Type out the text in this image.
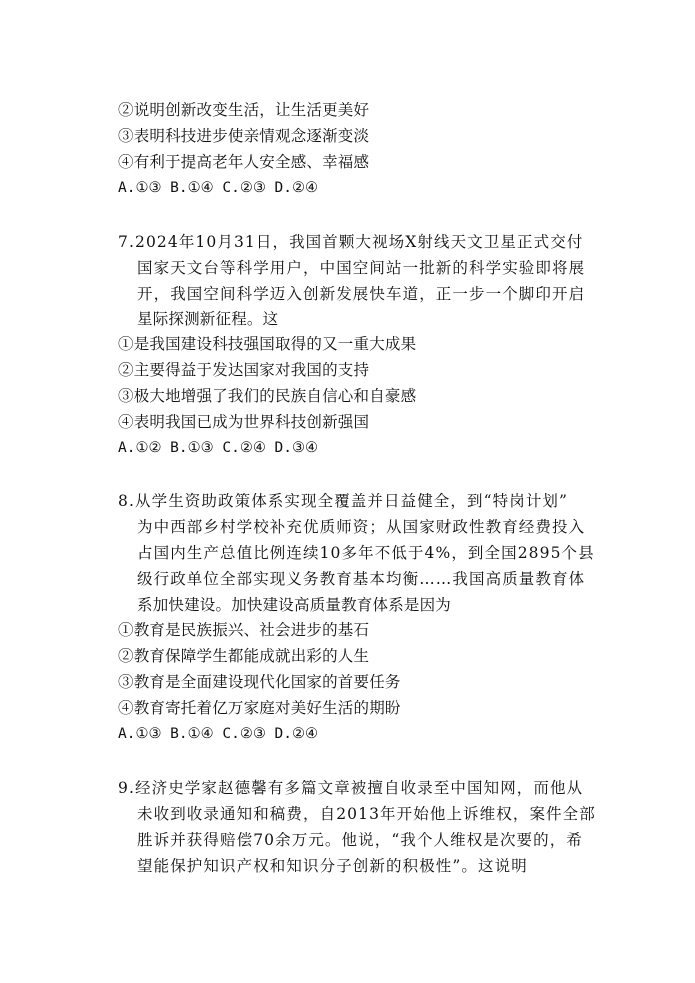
②说明创新改变生活，让生活更美好
③表明科技进步使亲情观念逐渐变淡
④有利于提高老年人安全感、幸福感
A.①③ B.①④ C.②③ D.②④
7.2024年10月31日，我国首颗大视场X射线天文卫星正式交付
国家天文台等科学用户，中国空间站一批新的科学实验即将展
开，我国空间科学迈入创新发展快车道，正一步一个脚印开启
星际探测新征程。这
①是我国建设科技强国取得的又一重大成果
②主要得益于发达国家对我国的支持
③极大地增强了我们的民族自信心和自豪感
④表明我国已成为世界科技创新强国
A.①② B.①③ C.②④ D.③④
8.从学生资助政策体系实现全覆盖并日益健全，到“特岗计划”
为中西部乡村学校补充优质师资；从国家财政性教育经费投入
占国内生产总值比例连续10多年不低于4%，到全国2895个县
级行政单位全部实现义务教育基本均衡……我国高质量教育体
系加快建设。加快建设高质量教育体系是因为
①教育是民族振兴、社会进步的基石
②教育保障学生都能成就出彩的人生
③教育是全面建设现代化国家的首要任务
④教育寄托着亿万家庭对美好生活的期盼
A.①③ B.①④ C.②③ D.②④
9.经济史学家赵德馨有多篇文章被擅自收录至中国知网，而他从
未收到收录通知和稿费，自2013年开始他上诉维权，案件全部
胜诉并获得赔偿70余万元。他说，“我个人维权是次要的，希
望能保护知识产权和知识分子创新的积极性”。这说明
